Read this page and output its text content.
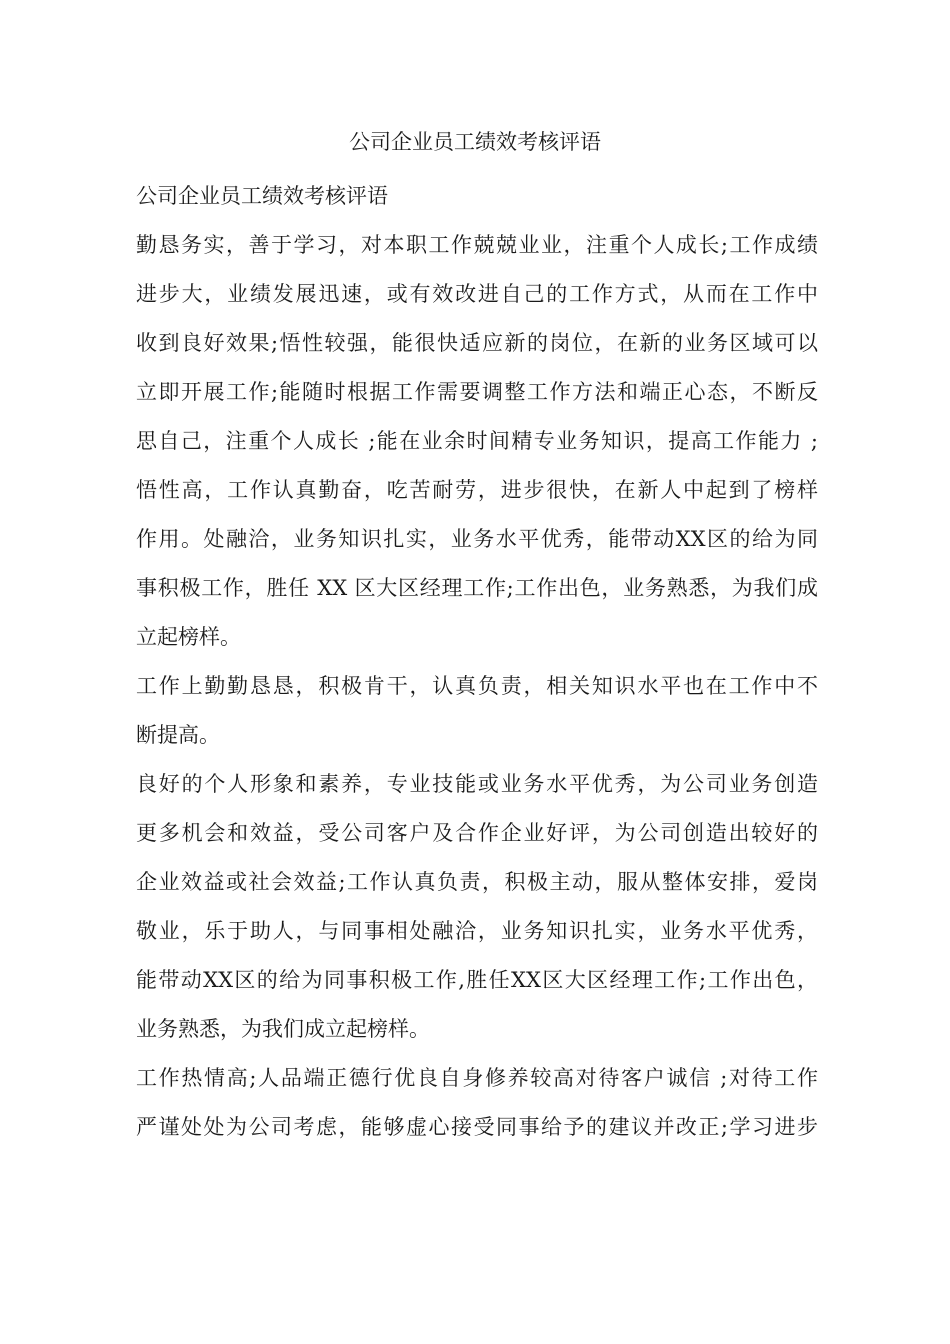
公司企业员工绩效考核评语
公司企业员工绩效考核评语
勤恳务实，善于学习，对本职工作兢兢业业，注重个人成长;工作成绩
进步大，业绩发展迅速，或有效改进自己的工作方式，从而在工作中
收到良好效果;悟性较强，能很快适应新的岗位，在新的业务区域可以
立即开展工作;能随时根据工作需要调整工作方法和端正心态，不断反
思自己，注重个人成长 ;能在业余时间精专业务知识，提高工作能力 ;
悟性高，工作认真勤奋，吃苦耐劳，进步很快，在新人中起到了榜样
作用。处融洽，业务知识扎实，业务水平优秀，能带动XX区的给为同
事积极工作，胜任 XX 区大区经理工作;工作出色，业务熟悉，为我们成
立起榜样。
工作上勤勤恳恳，积极肯干，认真负责，相关知识水平也在工作中不
断提高。
良好的个人形象和素养，专业技能或业务水平优秀，为公司业务创造
更多机会和效益，受公司客户及合作企业好评，为公司创造出较好的
企业效益或社会效益;工作认真负责，积极主动，服从整体安排，爱岗
敬业，乐于助人，与同事相处融洽，业务知识扎实，业务水平优秀，
能带动XX区的给为同事积极工作,胜任XX区大区经理工作;工作出色，
业务熟悉，为我们成立起榜样。
工作热情高;人品端正德行优良自身修养较高对待客户诚信 ;对待工作
严谨处处为公司考虑，能够虚心接受同事给予的建议并改正;学习进步
